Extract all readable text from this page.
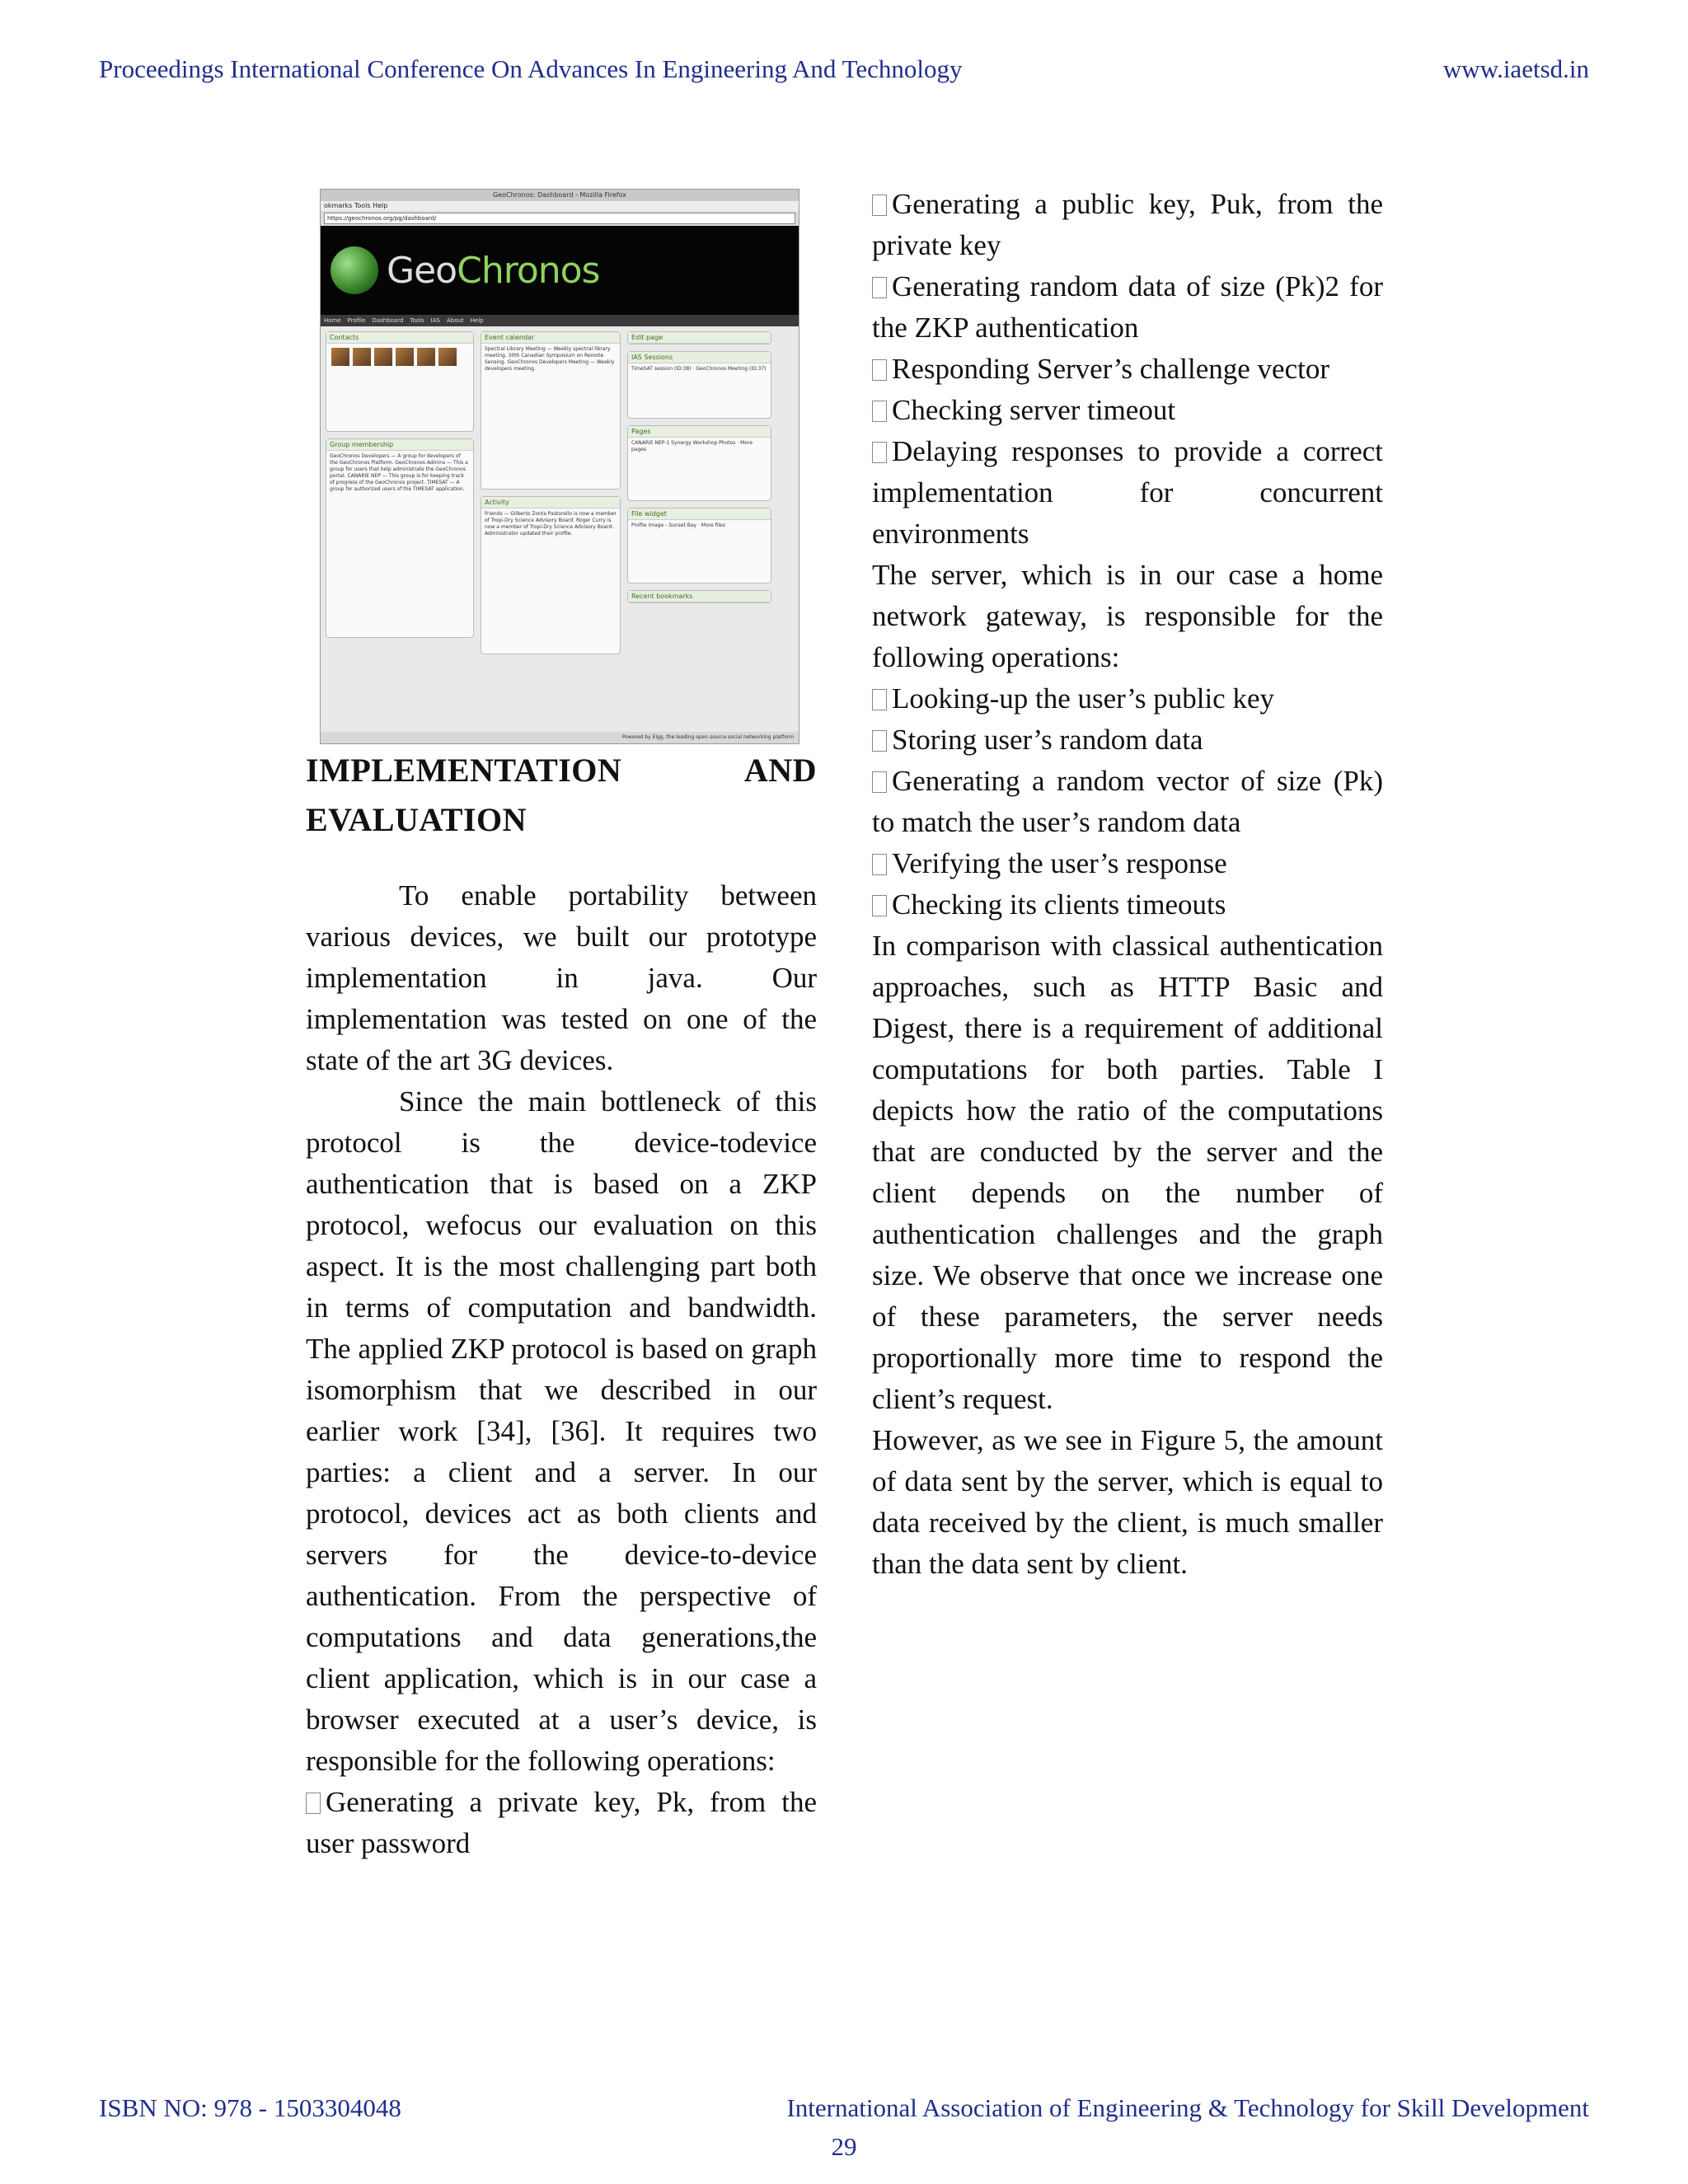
Proceedings International Conference On Advances In Engineering And Technology	www.iaetsd.in
GeoChronos: Dashboard - Mozilla Firefox
okmarks Tools Help
https://geochronos.org/pg/dashboard/
GeoChronos
Home Profile Dashboard Tools IAS About Help
Contacts
Group membership
GeoChronos Developers — A group for developers of the GeoChronos Platform. GeoChronos Admins — This a group for users that help administrate the GeoChronos portal. CANARIE NEP — This group is for keeping track of progress of the GeoChronos project. TIMESAT — A group for authorized users of the TIMESAT application.
Event calendar
Spectral Library Meeting — Weekly spectral library meeting. 30th Canadian Symposium on Remote Sensing. GeoChronos Developers Meeting — Weekly developers meeting.
Activity
Friends — Gilberto Zonta Pastorello is now a member of Tropi-Dry Science Advisory Board. Roger Curry is now a member of Tropi-Dry Science Advisory Board. Administrator updated their profile.
Edit page
IAS Sessions
TimeSAT session (ID:38) · GeoChronos Meeting (ID:37)
Pages
CANARIE NEP-1 Synergy Workshop Photos · More pages
File widget
Profile image - Sunset Bay · More files
Recent bookmarks
Powered by Elgg, the leading open source social networking platform
IMPLEMENTATION	AND
EVALUATION

To enable portability between various devices, we built our prototype implementation in java. Our implementation was tested on one of the state of the art 3G devices.

Since the main bottleneck of this protocol is the device-todevice authentication that is based on a ZKP protocol, wefocus our evaluation on this aspect. It is the most challenging part both in terms of computation and bandwidth. The applied ZKP protocol is based on graph isomorphism that we described in our earlier work [34], [36]. It requires two parties: a client and a server. In our protocol, devices act as both clients and servers for the device-to-device authentication. From the perspective of computations and data generations,the client application, which is in our case a browser executed at a user’s device, is responsible for the following operations:

Generating a private key, Pk, from the user password

Generating a public key, Puk, from the private key

Generating random data of size (Pk)2 for the ZKP authentication

Responding Server’s challenge vector

Checking server timeout

Delaying responses to provide a correct implementation for concurrent environments

The server, which is in our case a home network gateway, is responsible for the following operations:

Looking-up the user’s public key

Storing user’s random data

Generating a random vector of size (Pk) to match the user’s random data

Verifying the user’s response

Checking its clients timeouts

In comparison with classical authentication approaches, such as HTTP Basic and Digest, there is a requirement of additional computations for both parties. Table I depicts how the ratio of the computations that are conducted by the server and the client depends on the number of authentication challenges and the graph size. We observe that once we increase one of these parameters, the server needs proportionally more time to respond the client’s request.

However, as we see in Figure 5, the amount of data sent by the server, which is equal to data received by the client, is much smaller than the data sent by client.

ISBN NO: 978 - 1503304048	International Association of Engineering & Technology for Skill Development
29
